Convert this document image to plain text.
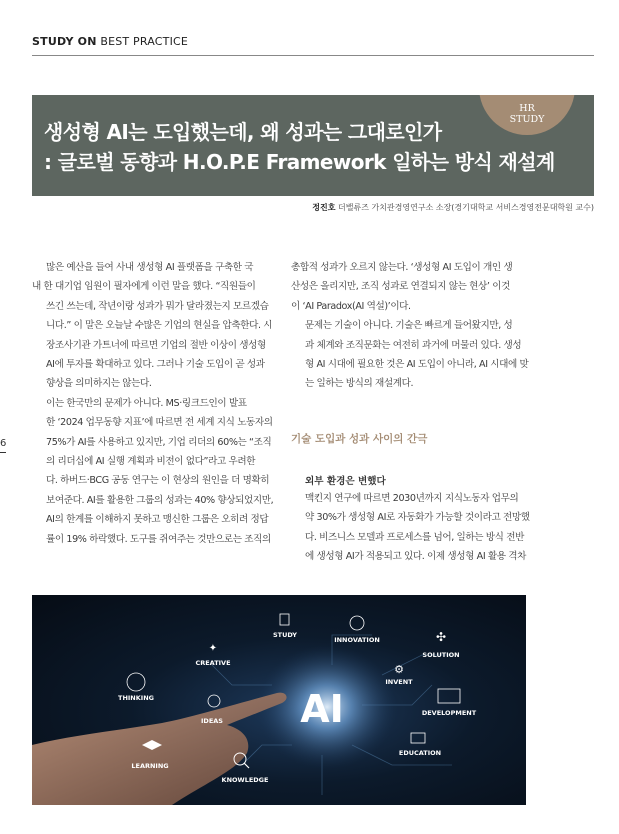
STUDY ON BEST PRACTICE
HR
STUDY
생성형 AI는 도입했는데, 왜 성과는 그대로인가
: 글로벌 동향과 H.O.P.E Framework 일하는 방식 재설계
정진호 더밸류즈 가치관경영연구소 소장(경기대학교 서비스경영전문대학원 교수)
6

많은 예산을 들여 사내 생성형 AI 플랫폼을 구축한 국
내 한 대기업 임원이 필자에게 이런 말을 했다. “직원들이
쓰긴 쓰는데, 작년이랑 성과가 뭐가 달라졌는지 모르겠습
니다.” 이 말은 오늘날 수많은 기업의 현실을 압축한다. 시
장조사기관 가트너에 따르면 기업의 절반 이상이 생성형
AI에 투자를 확대하고 있다. 그러나 기술 도입이 곧 성과
향상을 의미하지는 않는다.

이는 한국만의 문제가 아니다. MS·링크드인이 발표
한 ‘2024 업무동향 지표’에 따르면 전 세계 지식 노동자의
75%가 AI를 사용하고 있지만, 기업 리더의 60%는 “조직
의 리더십에 AI 실행 계획과 비전이 없다”라고 우려한
다. 하버드·BCG 공동 연구는 이 현상의 원인을 더 명확히
보여준다. AI를 활용한 그룹의 성과는 40% 향상되었지만,
AI의 한계를 이해하지 못하고 맹신한 그룹은 오히려 정답
률이 19% 하락했다. 도구를 쥐여주는 것만으로는 조직의

총합적 성과가 오르지 않는다. ‘생성형 AI 도입이 개인 생
산성은 올리지만, 조직 성과로 연결되지 않는 현상’ 이것
이 ‘AI Paradox(AI 역설)’이다.

문제는 기술이 아니다. 기술은 빠르게 들어왔지만, 성
과 체계와 조직문화는 여전히 과거에 머물러 있다. 생성
형 AI 시대에 필요한 것은 AI 도입이 아니라, AI 시대에 맞
는 일하는 방식의 재설계다.

기술 도입과 성과 사이의 간극
외부 환경은 변했다

맥킨지 연구에 따르면 2030년까지 지식노동자 업무의
약 30%가 생성형 AI로 자동화가 가능할 것이라고 전망했
다. 비즈니스 모델과 프로세스를 넘어, 일하는 방식 전반
에 생성형 AI가 적용되고 있다. 이제 생성형 AI 활용 격차

AI
STUDY
INNOVATION
✦
CREATIVE
✣
SOLUTION
THINKING
⚙
INVENT
IDEAS
DEVELOPMENT
LEARNING
EDUCATION
KNOWLEDGE
